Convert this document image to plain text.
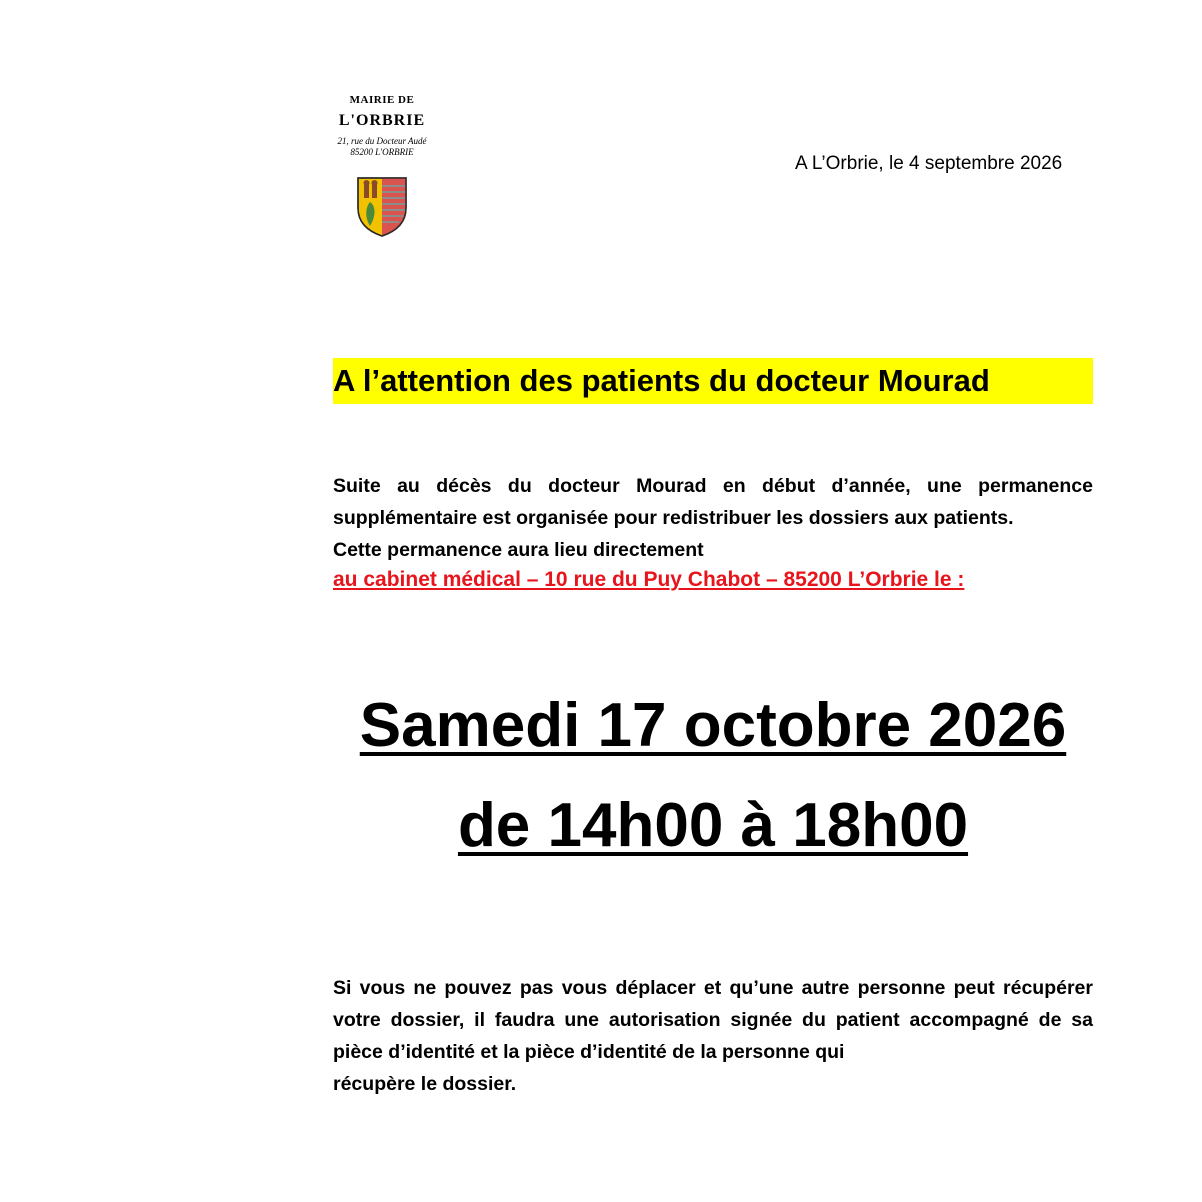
MAIRIE DE
L'ORBRIE
21, rue du Docteur Audé
85200 L'ORBRIE
A L’Orbrie, le 4 septembre 2026
A l’attention des patients du docteur Mourad
Suite au décès du docteur Mourad en début d’année, une permanence supplémentaire est organisée pour redistribuer les dossiers aux patients.
Cette permanence aura lieu directement
au cabinet médical – 10 rue du Puy Chabot – 85200 L’Orbrie le :
Samedi 17 octobre 2026
de 14h00 à 18h00
Si vous ne pouvez pas vous déplacer et qu’une autre personne peut récupérer votre dossier, il faudra une autorisation signée du patient accompagné de sa pièce d’identité et la pièce d’identité de la personne qui
récupère le dossier.
